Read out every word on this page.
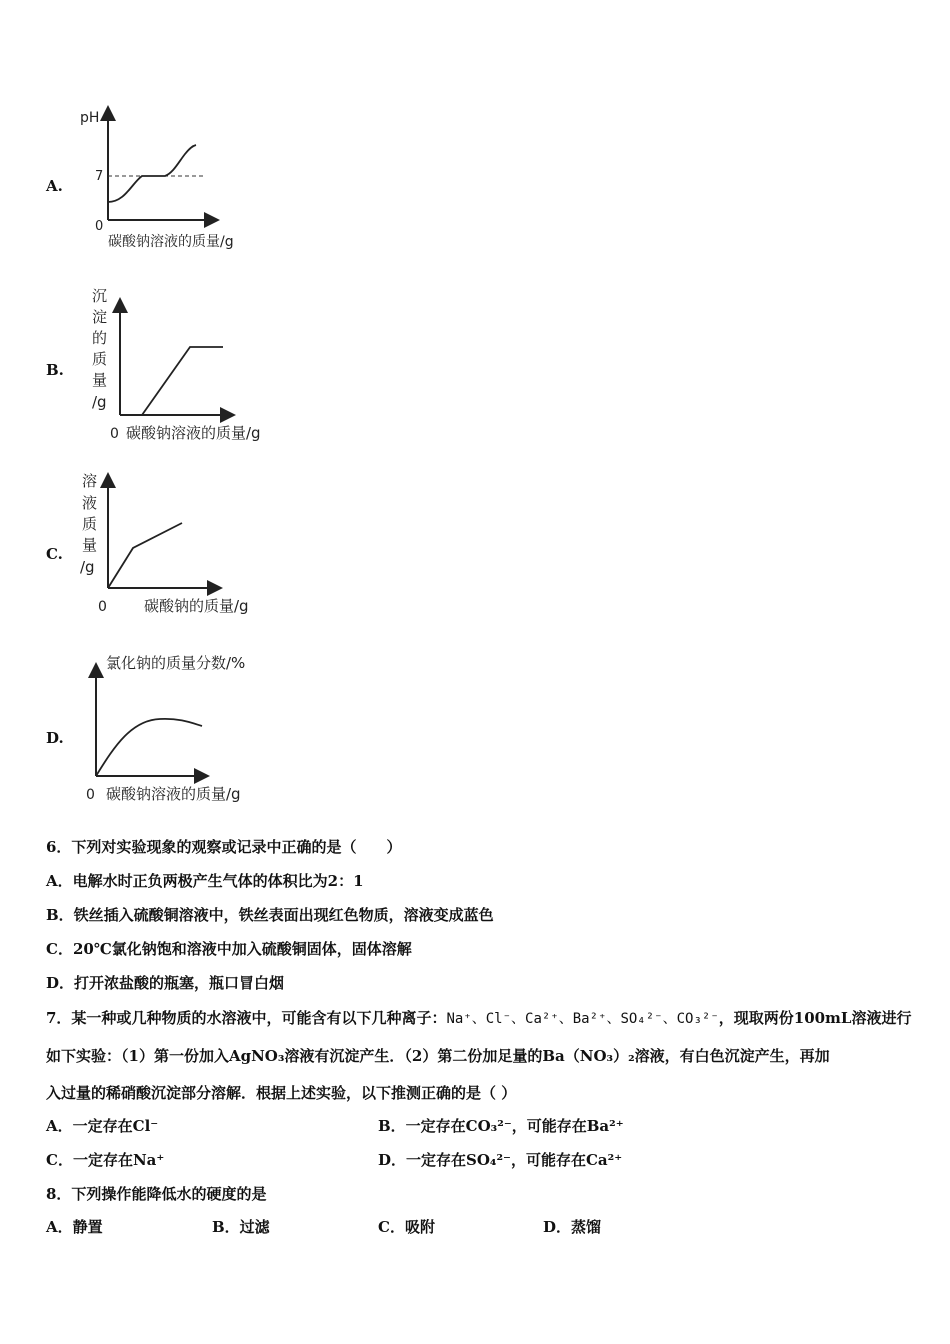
A.
pH
7
0
碳酸钠溶液的质量/g
B.
沉
淀
的
质
量
/g
0 碳酸钠溶液的质量/g
C.
溶
液
质
量
/g
0 碳酸钠的质量/g
D.
氯化钠的质量分数/%
0 碳酸钠溶液的质量/g
6．下列对实验现象的观察或记录中正确的是（　　）
A．电解水时正负两极产生气体的体积比为2：1
B．铁丝插入硫酸铜溶液中，铁丝表面出现红色物质，溶液变成蓝色
C．20℃氯化钠饱和溶液中加入硫酸铜固体，固体溶解
D．打开浓盐酸的瓶塞，瓶口冒白烟
7．某一种或几种物质的水溶液中，可能含有以下几种离子：Na⁺、Cl⁻、Ca²⁺、Ba²⁺、SO₄²⁻、CO₃²⁻，现取两份100mL溶液进行
如下实验：（1）第一份加入AgNO₃溶液有沉淀产生．（2）第二份加足量的Ba（NO₃）₂溶液，有白色沉淀产生，再加
入过量的稀硝酸沉淀部分溶解．根据上述实验，以下推测正确的是（ ）
A．一定存在Cl⁻	B．一定存在CO₃²⁻，可能存在Ba²⁺
C．一定存在Na⁺	D．一定存在SO₄²⁻，可能存在Ca²⁺
8．下列操作能降低水的硬度的是
A．静置	B．过滤	C．吸附	D．蒸馏
